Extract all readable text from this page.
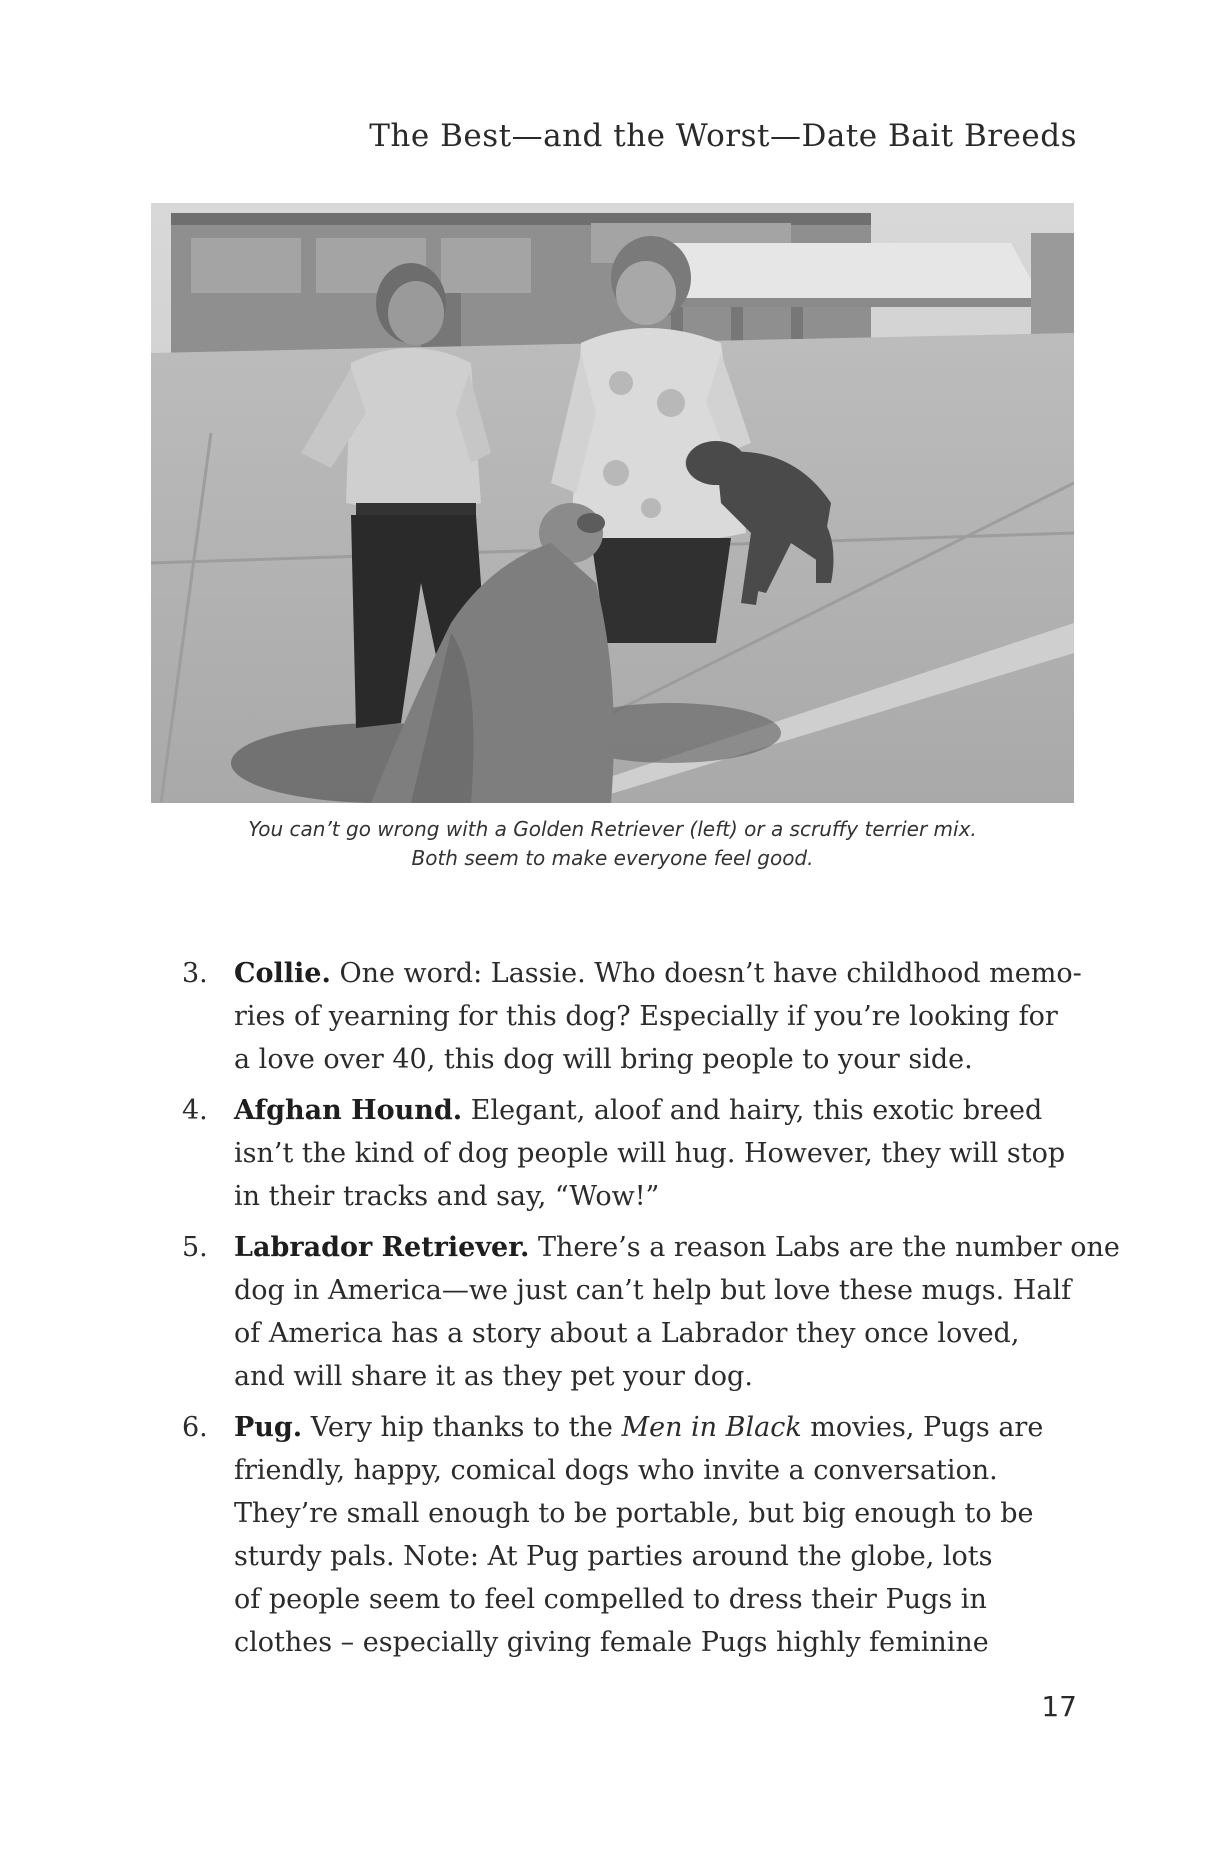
The Best—and the Worst—Date Bait Breeds
You can’t go wrong with a Golden Retriever (left) or a scruffy terrier mix.
Both seem to make everyone feel good.
3. Collie. One word: Lassie. Who doesn’t have childhood memo-
ries of yearning for this dog? Especially if you’re looking for
a love over 40, this dog will bring people to your side.
4. Afghan Hound. Elegant, aloof and hairy, this exotic breed
isn’t the kind of dog people will hug. However, they will stop
in their tracks and say, “Wow!”
5. Labrador Retriever. There’s a reason Labs are the number one
dog in America—we just can’t help but love these mugs. Half
of America has a story about a Labrador they once loved,
and will share it as they pet your dog.
6. Pug. Very hip thanks to the Men in Black movies, Pugs are
friendly, happy, comical dogs who invite a conversation.
They’re small enough to be portable, but big enough to be
sturdy pals. Note: At Pug parties around the globe, lots
of people seem to feel compelled to dress their Pugs in
clothes – especially giving female Pugs highly feminine
17
